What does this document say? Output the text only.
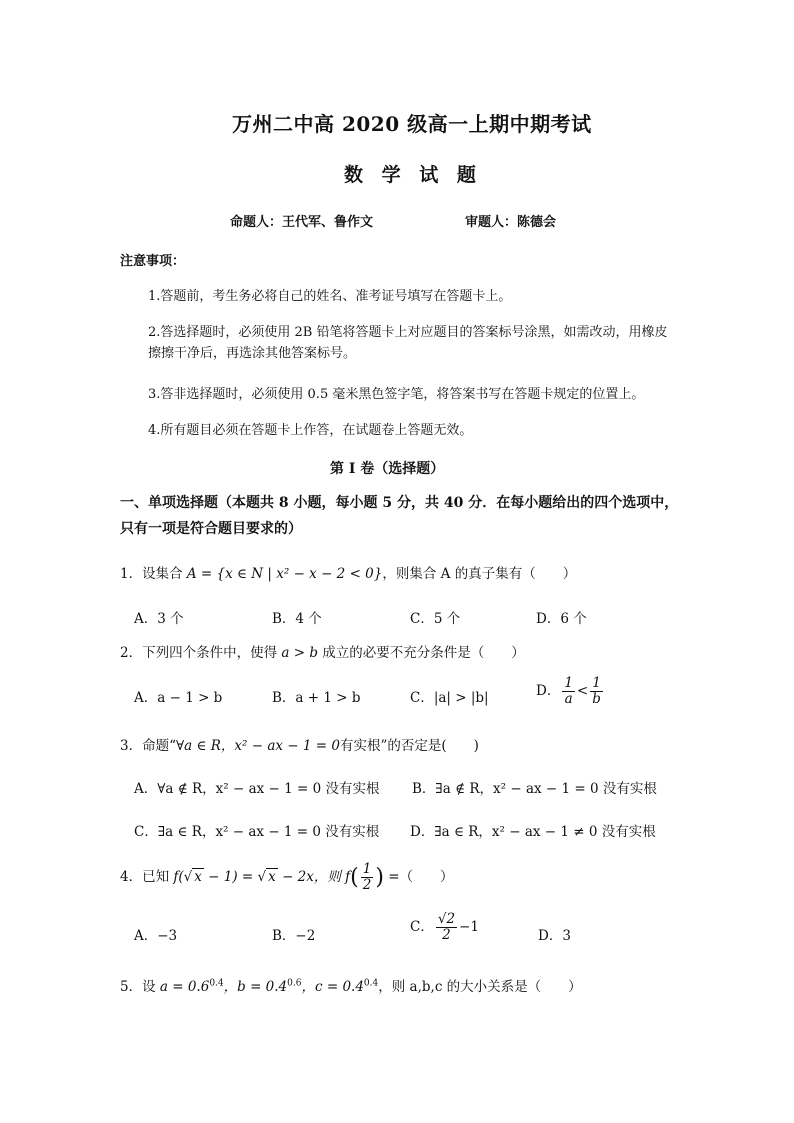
万州二中高 2020 级高一上期中期考试
数 学 试 题
命题人：王代军、鲁作文	审题人：陈德会
注意事项：
1.答题前，考生务必将自己的姓名、准考证号填写在答题卡上。
2.答选择题时，必须使用 2B 铅笔将答题卡上对应题目的答案标号涂黑，如需改动，用橡皮擦擦干净后，再选涂其他答案标号。
3.答非选择题时，必须使用 0.5 毫米黑色签字笔，将答案书写在答题卡规定的位置上。
4.所有题目必须在答题卡上作答，在试题卷上答题无效。
第 I 卷（选择题）
一、单项选择题（本题共 8 小题，每小题 5 分，共 40 分．在每小题给出的四个选项中，只有一项是符合题目要求的）
1．设集合 A = {x ∈ N | x² − x − 2 < 0}，则集合 A 的真子集有（　　）
A．3 个	B．4 个	C．5 个	D．6 个
2．下列四个条件中，使得 a > b 成立的必要不充分条件是（　　）
A．a − 1 > b	B．a + 1 > b	C．|a| > |b|	D． $\frac{1}{a} < \frac{1}{b}$
3．命题“∀a ∈ R，x² − ax − 1 = 0有实根”的否定是(　　)
A．∀a ∉ R，x² − ax − 1 = 0 没有实根 B．∃a ∉ R，x² − ax − 1 = 0 没有实根
C．∃a ∈ R，x² − ax − 1 = 0 没有实根 D．∃a ∈ R，x² − ax − 1 ≠ 0 没有实根
4．已知 f(√ x − 1) = √ x − 2x，则 $f( \frac{1}{2}$ ) =（　　）
A．−3	B．−2
C． $\frac{√2}{2} -1$
D．3
5．设 $a = 0.6^{0.4}$，$b = 0.4^{0.6}$，$c = 0.4^{0.4}$，则 a,b,c 的大小关系是（　　）
